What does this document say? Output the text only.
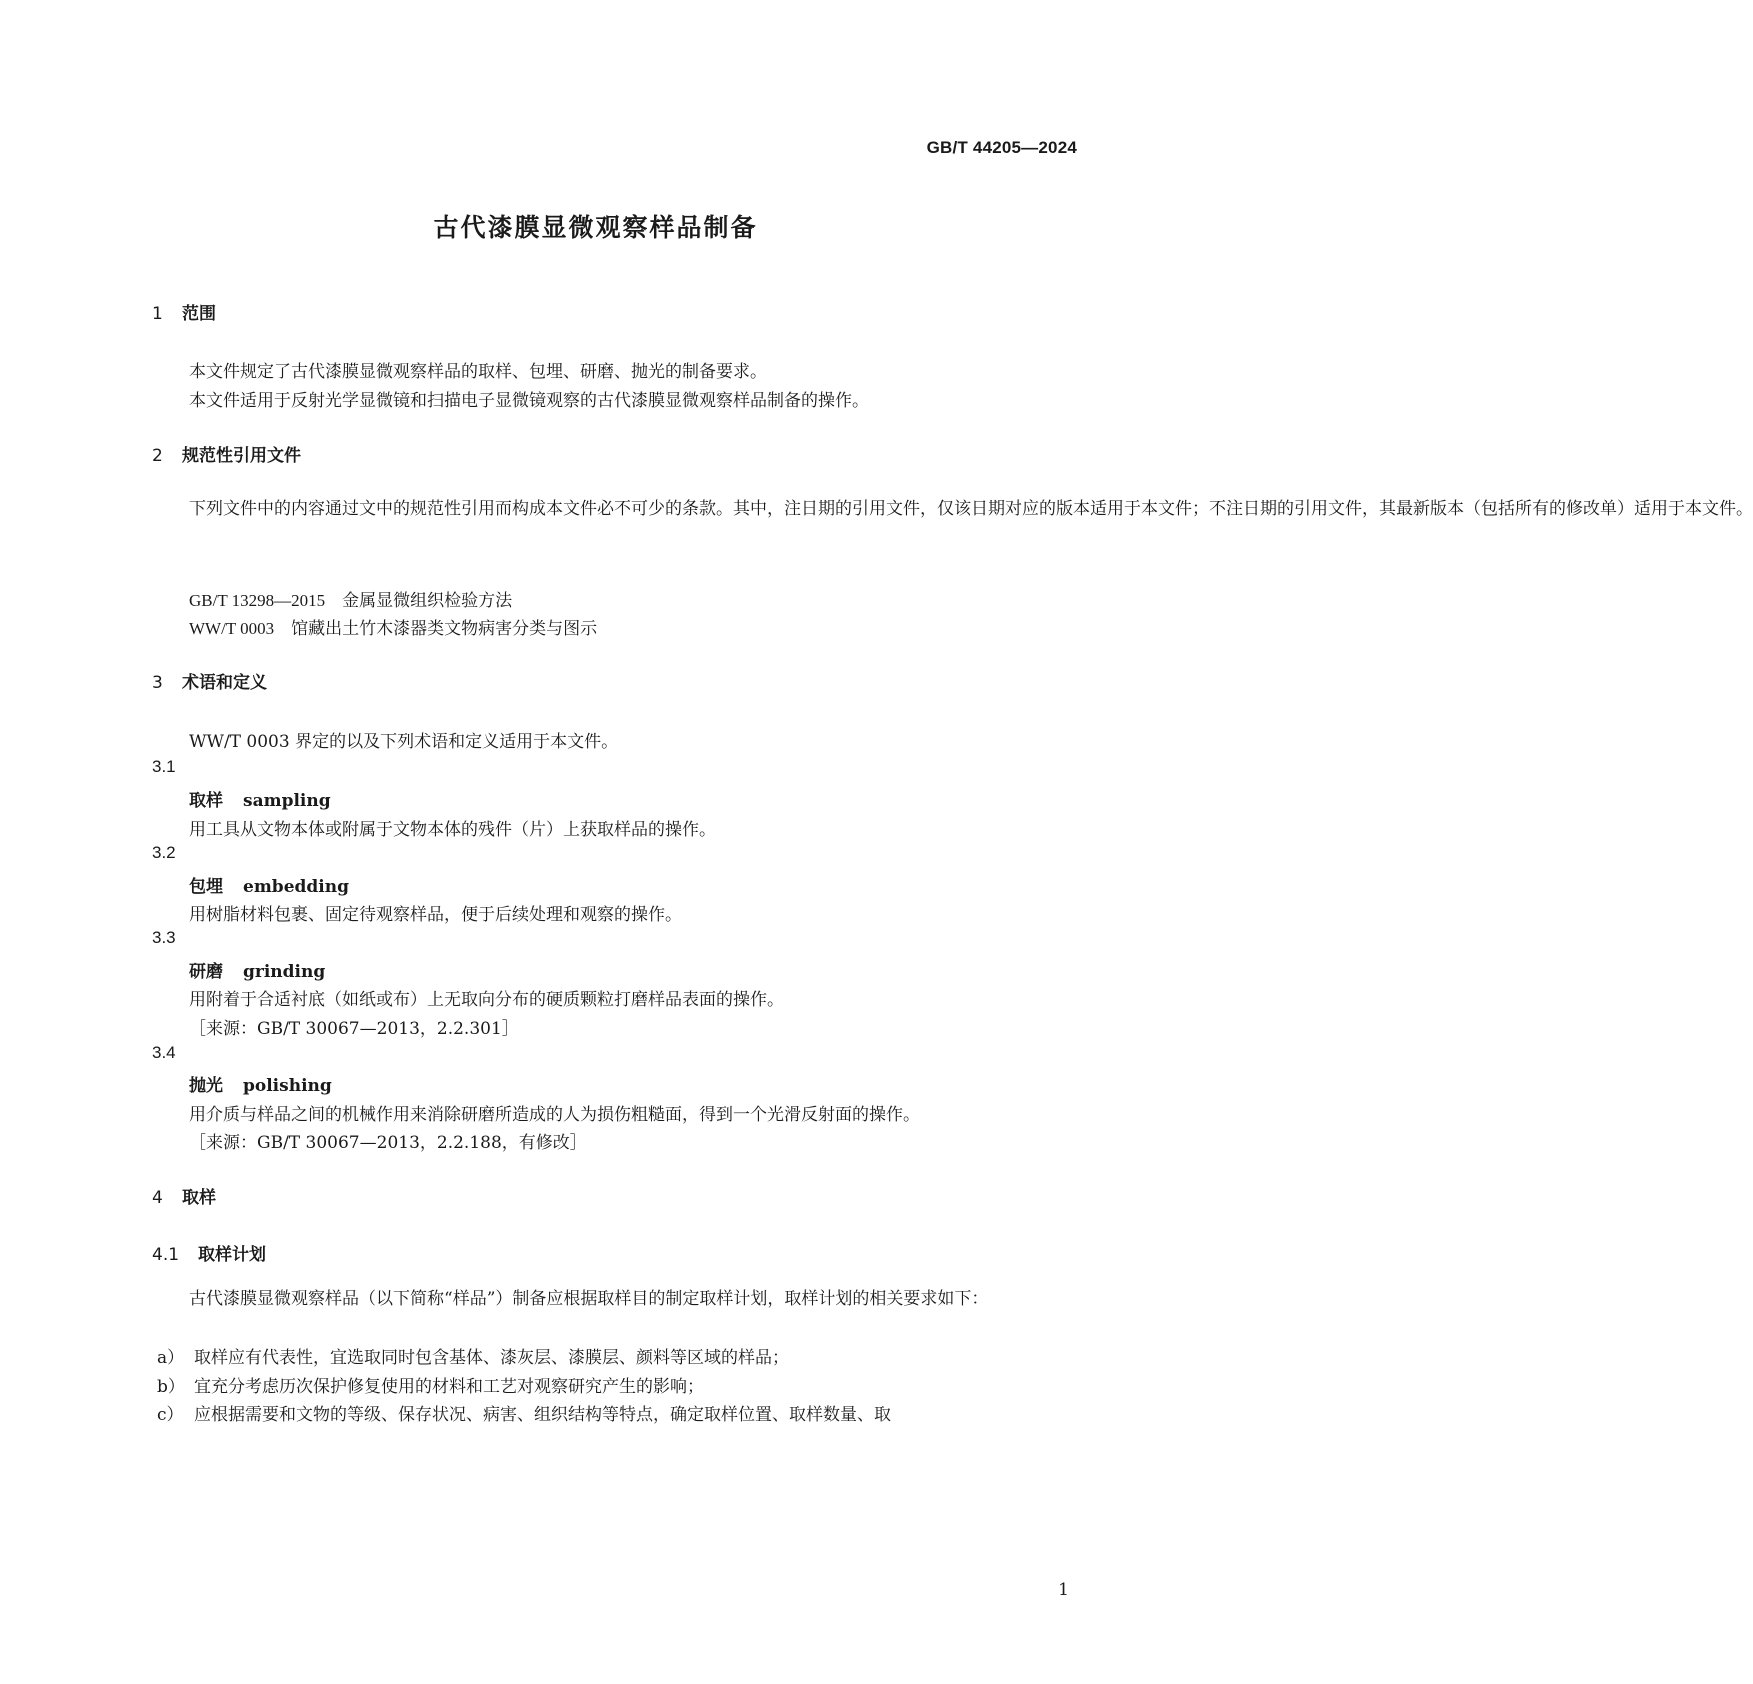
GB/T 44205—2024
古代漆膜显微观察样品制备
1 范围
本文件规定了古代漆膜显微观察样品的取样、包埋、研磨、抛光的制备要求。
本文件适用于反射光学显微镜和扫描电子显微镜观察的古代漆膜显微观察样品制备的操作。
2 规范性引用文件

下列文件中的内容通过文中的规范性引用而构成本文件必不可少的条款。其中，注日期的引用文件，仅该日期对应的版本适用于本文件；不注日期的引用文件，其最新版本（包括所有的修改单）适用于本文件。

GB/T 13298—2015　金属显微组织检验方法
WW/T 0003　馆藏出土竹木漆器类文物病害分类与图示
3 术语和定义
WW/T 0003 界定的以及下列术语和定义适用于本文件。
3.1
取样 sampling
用工具从文物本体或附属于文物本体的残件（片）上获取样品的操作。
3.2
包埋 embedding
用树脂材料包裹、固定待观察样品，便于后续处理和观察的操作。
3.3
研磨 grinding
用附着于合适衬底（如纸或布）上无取向分布的硬质颗粒打磨样品表面的操作。
［来源：GB/T 30067—2013，2.2.301］
3.4
抛光 polishing
用介质与样品之间的机械作用来消除研磨所造成的人为损伤粗糙面，得到一个光滑反射面的操作。
［来源：GB/T 30067—2013，2.2.188，有修改］
4 取样
4.1 取样计划

古代漆膜显微观察样品（以下简称“样品”）制备应根据取样目的制定取样计划，取样计划的相关要求如下：

a） 取样应有代表性，宜选取同时包含基体、漆灰层、漆膜层、颜料等区域的样品；
b） 宜充分考虑历次保护修复使用的材料和工艺对观察研究产生的影响；
c） 应根据需要和文物的等级、保存状况、病害、组织结构等特点，确定取样位置、取样数量、取
1
